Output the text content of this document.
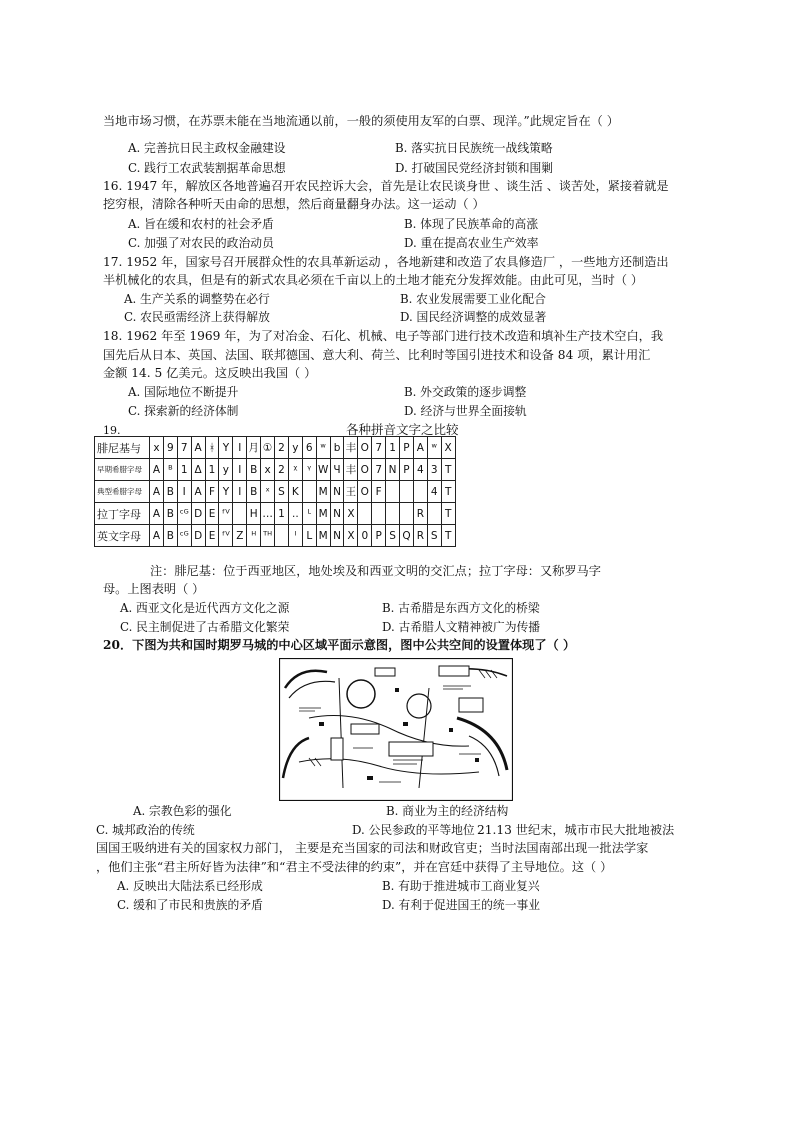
当地市场习惯，在苏票未能在当地流通以前，一般的须使用友军的白票、现洋。”此规定旨在（ ）
A. 完善抗日民主政权金融建设	B. 落实抗日民族统一战线策略
C. 践行工农武装割据革命思想	D. 打破国民党经济封锁和围剿
16. 1947 年，解放区各地普遍召开农民控诉大会，首先是让农民谈身世 、谈生活 、谈苦处，紧接着就是
挖穷根，清除各种听天由命的思想，然后商量翻身办法。这一运动（ ）
A. 旨在缓和农村的社会矛盾	B. 体现了民族革命的高涨
C. 加强了对农民的政治动员	D. 重在提高农业生产效率
17. 1952 年，国家号召开展群众性的农具革新运动 ，各地新建和改造了农具修造厂 ，一些地方还制造出
半机械化的农具，但是有的新式农具必须在千亩以上的土地才能充分发挥效能。由此可见，当时（ ）
A. 生产关系的调整势在必行	B. 农业发展需要工业化配合
C. 农民亟需经济上获得解放	D. 国民经济调整的成效显著
18. 1962 年至 1969 年，为了对冶金、石化、机械、电子等部门进行技术改造和填补生产技术空白，我
国先后从日本、英国、法国、联邦德国、意大利、荷兰、比利时等国引进技术和设备 84 项，累计用汇
金额 14. 5 亿美元。这反映出我国（ ）
A. 国际地位不断提升	B. 外交政策的逐步调整
C. 探索新的经济体制	D. 经济与世界全面接轨
19.	各种拼音文字之比较
腓尼基与	x	9	7	A	ᚼ	Y	I	月	①	2	y	6	ʷ	b	丰	O	7	1	P	A	ʷ	X
早期希腊字母	A	ᴮ	1	Δ	1	y	I	B	x	2	ᵡ	ᵞ	W	Ч	丰	O	7	N	P	4	3	T
典型希腊字母	A	B	I	A	F	Y	I	B	ˣ	S	K		M	N	王	O	F				4	T
拉丁字母	A	B	ᶜᴳ	D	E	ᶠⱽ		H	…	1	..	ᴸ	M	N	X					R		T
英文字母	A	B	ᶜᴳ	D	E	ᶠⱽ	Z	ᴴ	ᵀᴴ		ᴵ	L	M	N	X	0	P	S	Q	R	S	T
注：腓尼基：位于西亚地区，地处埃及和西亚文明的交汇点；拉丁字母：又称罗马字
母。上图表明（ ）
A. 西亚文化是近代西方文化之源	B. 古希腊是东西方文化的桥梁
C. 民主制促进了古希腊文化繁荣	D. 古希腊人文精神被广为传播
20．下图为共和国时期罗马城的中心区域平面示意图，图中公共空间的设置体现了（ ）
A. 宗教色彩的强化	B. 商业为主的经济结构
C. 城邦政治的传统	D. 公民参政的平等地位 21.13 世纪末，城市市民大批地被法
国国王吸纳进有关的国家权力部门， 主要是充当国家的司法和财政官吏；当时法国南部出现一批法学家
，他们主张“君主所好皆为法律”和“君主不受法律的约束”，并在宫廷中获得了主导地位。这（ ）
A. 反映出大陆法系已经形成	B. 有助于推进城市工商业复兴
C. 缓和了市民和贵族的矛盾	D. 有利于促进国王的统一事业
